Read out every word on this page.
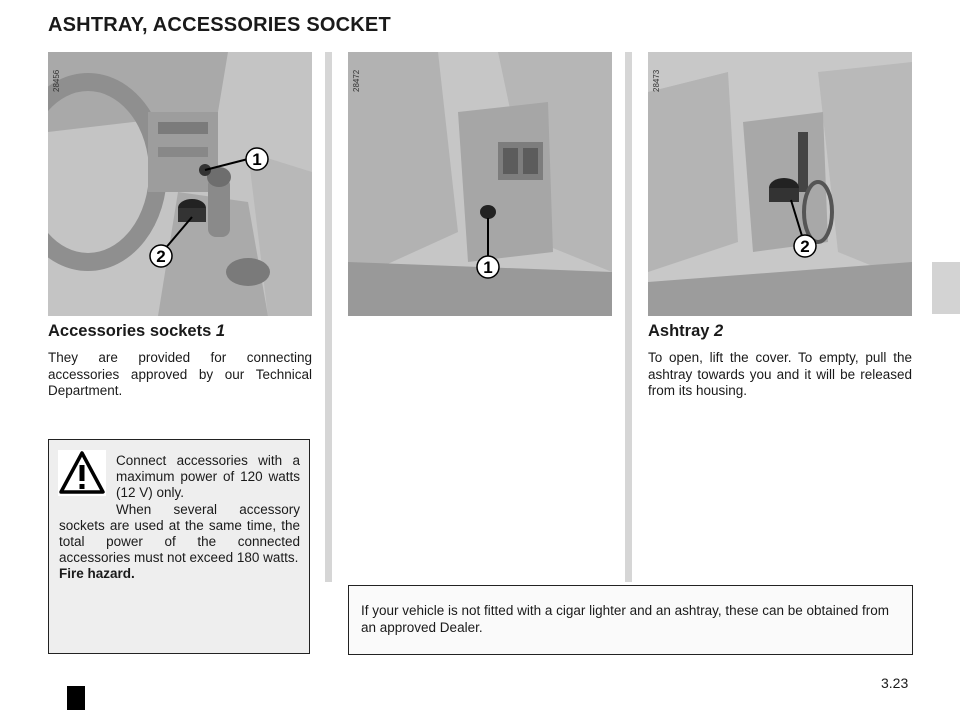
ASHTRAY, ACCESSORIES SOCKET
1
2
28456
1
28472
2
28473
Accessories sockets 1
They are provided for connecting accessories approved by our Technical Department.
Ashtray 2
To open, lift the cover. To empty, pull the ashtray towards you and it will be released from its housing.

Connect accessories with a maximum power of 120 watts (12 V) only.

When several accessory sockets are used at the same time, the total power of the connected accessories must not exceed 180 watts.

Fire hazard.

If your vehicle is not fitted with a cigar lighter and an ashtray, these can be obtained from an approved Dealer.
3.23
